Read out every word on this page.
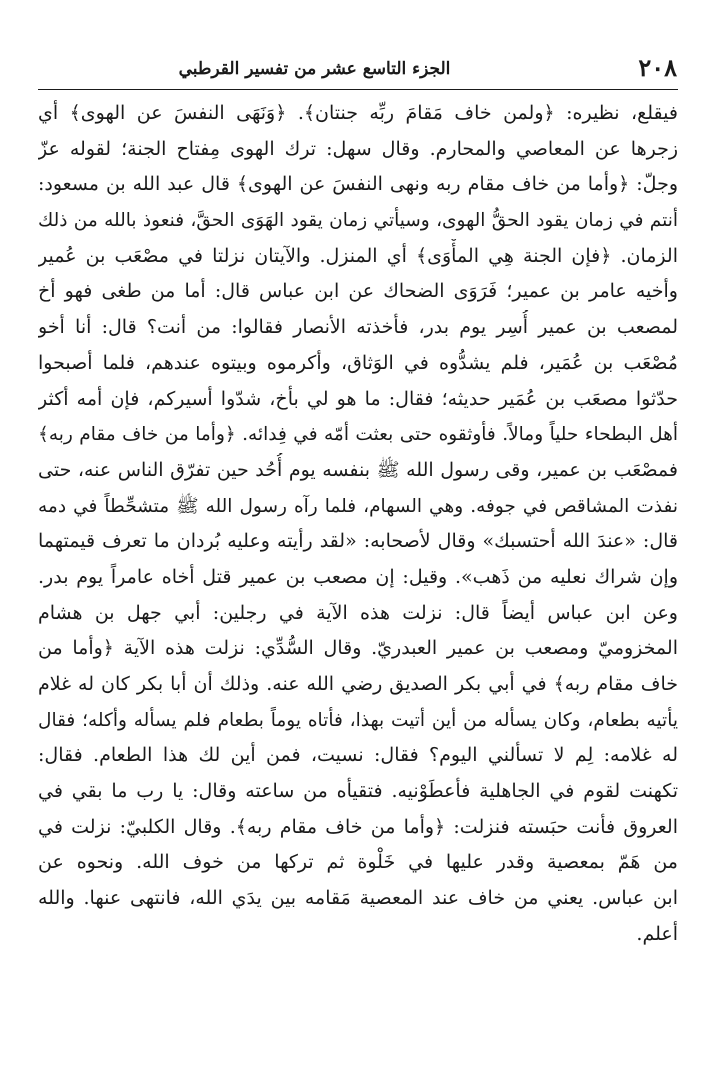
٢٠٨
الجزء التاسع عشر من تفسير القرطبي
فيقلع، نظيره: ﴿ولمن خاف مَقامَ ربِّه جنتان﴾. ﴿وَنَهَى النفسَ عن الهوى﴾ أي
زجرها عن المعاصي والمحارم. وقال سهل: ترك الهوى مِفتاح الجنة؛ لقوله عزّ
وجلّ: ﴿وأما من خاف مقام ربه ونهى النفسَ عن الهوى﴾ قال عبد الله بن مسعود:
أنتم في زمان يقود الحقُّ الهوى، وسيأتي زمان يقود الهَوَى الحقَّ، فنعوذ بالله من ذلك
الزمان. ﴿فإن الجنة هِي المأْوَى﴾ أي المنزل. والآيتان نزلتا في مصْعَب بن عُمير
وأخيه عامر بن عمير؛ فَرَوَى الضحاك عن ابن عباس قال: أما من طغى فهو أخ
لمصعب بن عمير أُسِر يوم بدر، فأخذته الأنصار فقالوا: من أنت؟ قال: أنا أخو
مُصْعَب بن عُمَير، فلم يشدُّوه في الوَثاق، وأكرموه وبيتوه عندهم، فلما أصبحوا
حدّثوا مصعَب بن عُمَير حديثه؛ فقال: ما هو لي بأخ، شدّوا أسيركم، فإن أمه أكثر
أهل البطحاء حلياً ومالاً. فأوثقوه حتى بعثت أمّه في فِدائه. ﴿وأما من خاف مقام ربه﴾
فمصْعَب بن عمير، وقى رسول الله ﷺ بنفسه يوم أُحُد حين تفرّق الناس عنه، حتى
نفذت المشاقص في جوفه. وهي السهام، فلما رآه رسول الله ﷺ متشحِّطاً في دمه
قال: «عندَ الله أحتسبك» وقال لأصحابه: «لقد رأيته وعليه بُردان ما تعرف قيمتهما
وإن شراك نعليه من ذَهب». وقيل: إن مصعب بن عمير قتل أخاه عامراً يوم بدر.
وعن ابن عباس أيضاً قال: نزلت هذه الآية في رجلين: أبي جهل بن هشام
المخزوميّ ومصعب بن عمير العبدريّ. وقال السُّدِّي: نزلت هذه الآية ﴿وأما من
خاف مقام ربه﴾ في أبي بكر الصديق رضي الله عنه. وذلك أن أبا بكر كان له غلام
يأتيه بطعام، وكان يسأله من أين أتيت بهذا، فأتاه يوماً بطعام فلم يسأله وأكله؛ فقال
له غلامه: لِم لا تسألني اليوم؟ فقال: نسيت، فمن أين لك هذا الطعام. فقال:
تكهنت لقوم في الجاهلية فأعطَوْنيه. فتقيأه من ساعته وقال: يا رب ما بقي في
العروق فأنت حبَسته فنزلت: ﴿وأما من خاف مقام ربه﴾. وقال الكلبيّ: نزلت في
من هَمّ بمعصية وقدر عليها في خَلْوة ثم تركها من خوف الله. ونحوه عن
ابن عباس. يعني من خاف عند المعصية مَقامه بين يدَي الله، فانتهى عنها. والله
أعلم.
